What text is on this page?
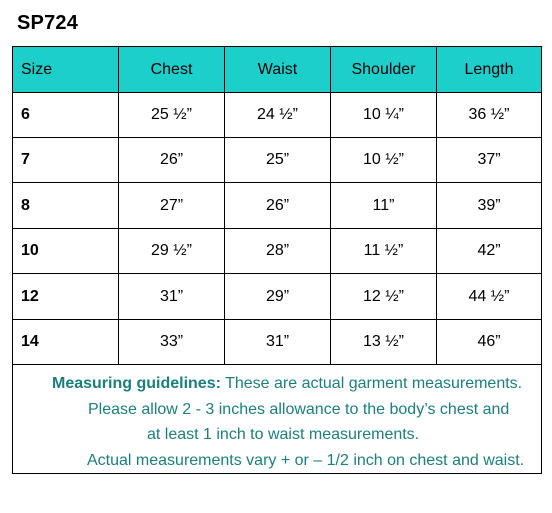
SP724
Size	Chest	Waist	Shoulder	Length
6	25 ½”	24 ½”	10 ¼”	36 ½”
7	26”	25”	10 ½”	37”
8	27”	26”	11”	39”
10	29 ½”	28”	11 ½”	42”
12	31”	29”	12 ½”	44 ½”
14	33”	31”	13 ½”	46”

Measuring guidelines: These are actual garment measurements.
Please allow 2 - 3 inches allowance to the body’s chest and
at least 1 inch to waist measurements.
Actual measurements vary + or – 1/2 inch on chest and waist.				
